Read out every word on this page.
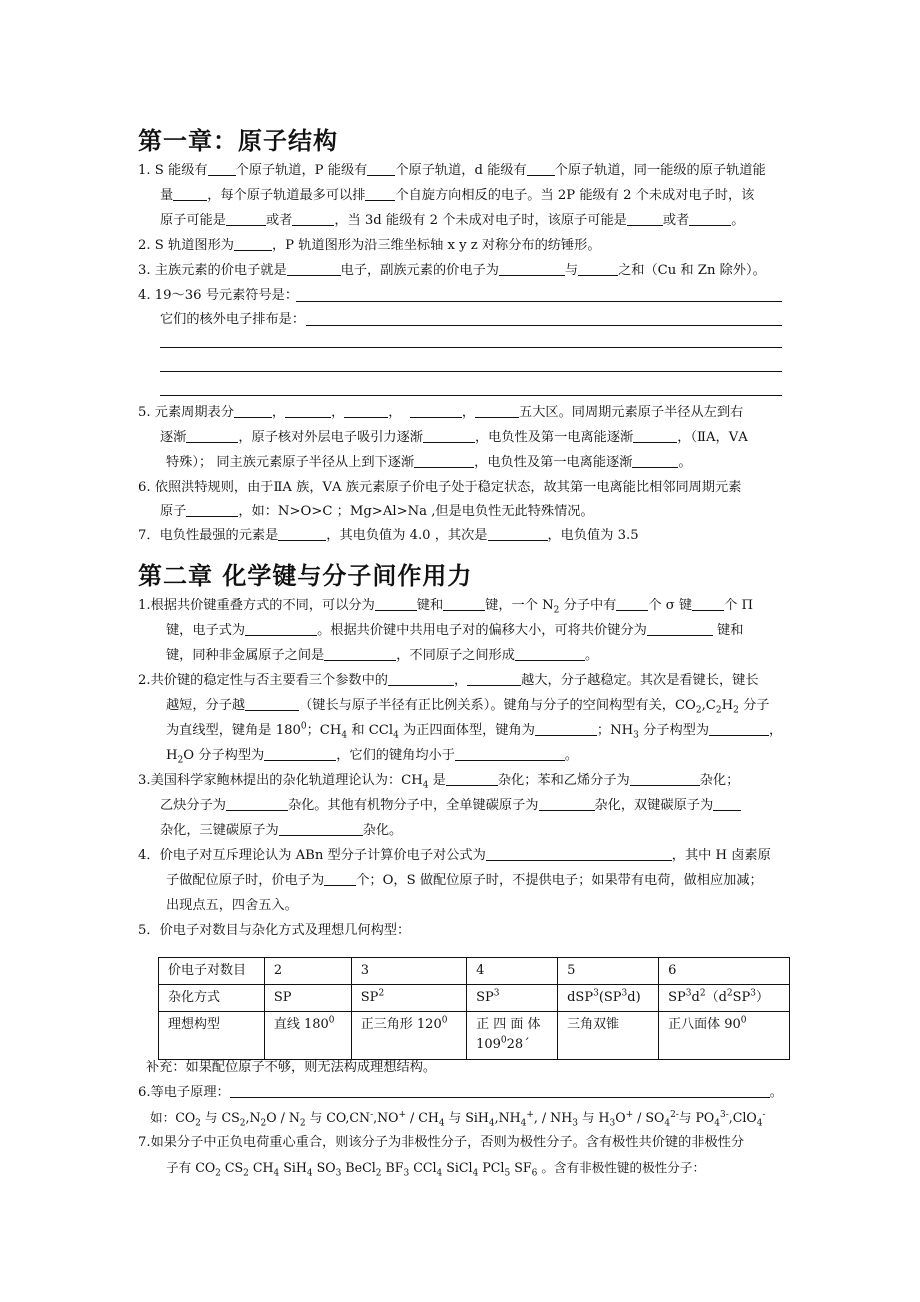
第一章：原子结构

1. S 能级有 个原子轨道，P 能级有 个原子轨道，d 能级有 个原子轨道，同一能级的原子轨道能

量	，每个原子轨道最多可以排 个自旋方向相反的电子。当 2P 能级有 2 个未成对电子时，该

原子可能是	或者	，当 3d 能级有 2 个未成对电子时，该原子可能是	或者	。

2. S 轨道图形为	，P 轨道图形为沿三维坐标轴 x y z 对称分布的纺锤形。

3. 主族元素的价电子就是	电子，副族元素的价电子为	与	之和（Cu 和 Zn 除外）。

4. 19～36 号元素符号是：

它们的核外电子排布是：

5. 元素周期表分	，	，	，	，	五大区。同周期元素原子半径从左到右

逐渐	，原子核对外层电子吸引力逐渐	，电负性及第一电离能逐渐	，（ⅡA，ⅤA

特殊）； 同主族元素原子半径从上到下逐渐	，电负性及第一电离能逐渐	。

6. 依照洪特规则，由于ⅡA 族，ⅤA 族元素原子价电子处于稳定状态，故其第一电离能比相邻同周期元素

原子	，如：N>O>C ；Mg>Al>Na ,但是电负性无此特殊情况。

7．电负性最强的元素是	，其电负值为 4.0 ，其次是	，电负值为 3.5

第二章 化学键与分子间作用力

1.根据共价键重叠方式的不同，可以分为	键和	键，一个 $N_2$ 分子中有 个 σ 键 个 Π

键，电子式为	。根据共价键中共用电子对的偏移大小，可将共价键分为	键和

键，同种非金属原子之间是	，不同原子之间形成	。

2.共价键的稳定性与否主要看三个参数中的	，	越大，分子越稳定。其次是看键长，键长

越短，分子越	（键长与原子半径有正比例关系）。键角与分子的空间构型有关，$CO_2,C_2H_2$ 分子

为直线型，键角是 $180^0$；$CH_4$ 和 CCl$_4$ 为正四面体型，键角为	；$NH_3$ 分子构型为	，

$H_2O$ 分子构型为	，它们的键角均小于	。

3.美国科学家鲍林提出的杂化轨道理论认为：$CH_4$ 是	杂化；苯和乙烯分子为	杂化；

乙炔分子为	杂化。其他有机物分子中，全单键碳原子为	杂化，双键碳原子为

杂化，三键碳原子为	杂化。

4．价电子对互斥理论认为 ABn 型分子计算价电子对公式为	，其中 H 卤素原

子做配位原子时，价电子为 个；O，S 做配位原子时，不提供电子；如果带有电荷，做相应加减；

出现点五，四舍五入。

5．价电子对数目与杂化方式及理想几何构型：

价电子对数目	2	3	4	5	6
杂化方式	SP	$SP^2$	$SP^3$	$dSP^3(SP^3d)$	$SP^3d^2(d^2SP^3)$
理想构型	直线 $180^0$	正三角形 $120^0$	正 四 面 体
$109^028ˊ$	三角双锥	正八面体 $90^0$

补充：如果配位原子不够，则无法构成理想结构。

6.等电子原理：	。

如：$CO_2$ 与 $CS_2,N_2O / N_2$ 与 $CO,CN^-,NO^+ / CH_4$ 与 $SiH_4,NH_4^+$, / $NH_3$ 与 $H_3O^+ / SO_4^{2-}$与 $PO_4^{3-},ClO_4^-$

7.如果分子中正负电荷重心重合，则该分子为非极性分子，否则为极性分子。含有极性共价键的非极性分

子有 $CO_2$ $CS_2$ $CH_4$ SiH$_4$ $SO_3$ BeCl$_2$ $BF_3$ CCl$_4$ SiCl$_4$ PCl$_5$ $SF_6$ 。含有非极性键的极性分子：
